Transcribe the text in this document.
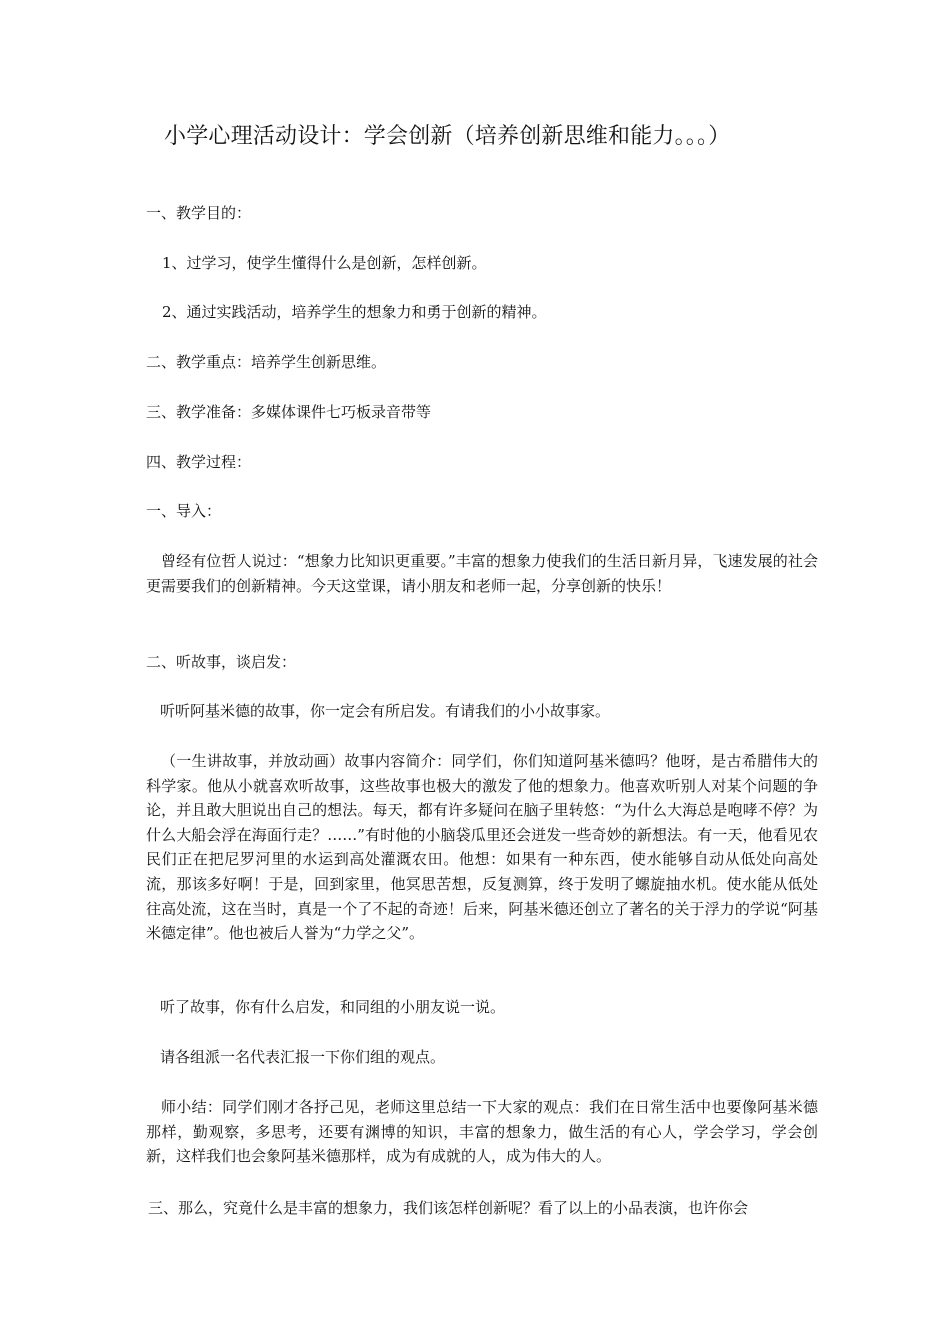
小学心理活动设计：学会创新（培养创新思维和能力。。。）
一、教学目的：
1、过学习，使学生懂得什么是创新，怎样创新。
2、通过实践活动，培养学生的想象力和勇于创新的精神。
二、教学重点：培养学生创新思维。
三、教学准备：多媒体课件七巧板录音带等
四、教学过程：
一、导入：
曾经有位哲人说过：“想象力比知识更重要。”丰富的想象力使我们的生活日新月异，飞速发展的社会更需要我们的创新精神。今天这堂课，请小朋友和老师一起，分享创新的快乐！
二、听故事，谈启发：
听听阿基米德的故事，你一定会有所启发。有请我们的小小故事家。
（一生讲故事，并放动画）故事内容简介：同学们，你们知道阿基米德吗？他呀，是古希腊伟大的科学家。他从小就喜欢听故事，这些故事也极大的激发了他的想象力。他喜欢听别人对某个问题的争论，并且敢大胆说出自己的想法。每天，都有许多疑问在脑子里转悠：“为什么大海总是咆哮不停？为什么大船会浮在海面行走？……”有时他的小脑袋瓜里还会迸发一些奇妙的新想法。有一天，他看见农民们正在把尼罗河里的水运到高处灌溉农田。他想：如果有一种东西，使水能够自动从低处向高处流，那该多好啊！于是，回到家里，他冥思苦想，反复测算，终于发明了螺旋抽水机。使水能从低处往高处流，这在当时，真是一个了不起的奇迹！后来，阿基米德还创立了著名的关于浮力的学说“阿基米德定律”。他也被后人誉为“力学之父”。
听了故事，你有什么启发，和同组的小朋友说一说。
请各组派一名代表汇报一下你们组的观点。
师小结：同学们刚才各抒己见，老师这里总结一下大家的观点：我们在日常生活中也要像阿基米德那样，勤观察，多思考，还要有渊博的知识，丰富的想象力，做生活的有心人，学会学习，学会创新，这样我们也会象阿基米德那样，成为有成就的人，成为伟大的人。
三、那么，究竟什么是丰富的想象力，我们该怎样创新呢？看了以上的小品表演，也许你会
